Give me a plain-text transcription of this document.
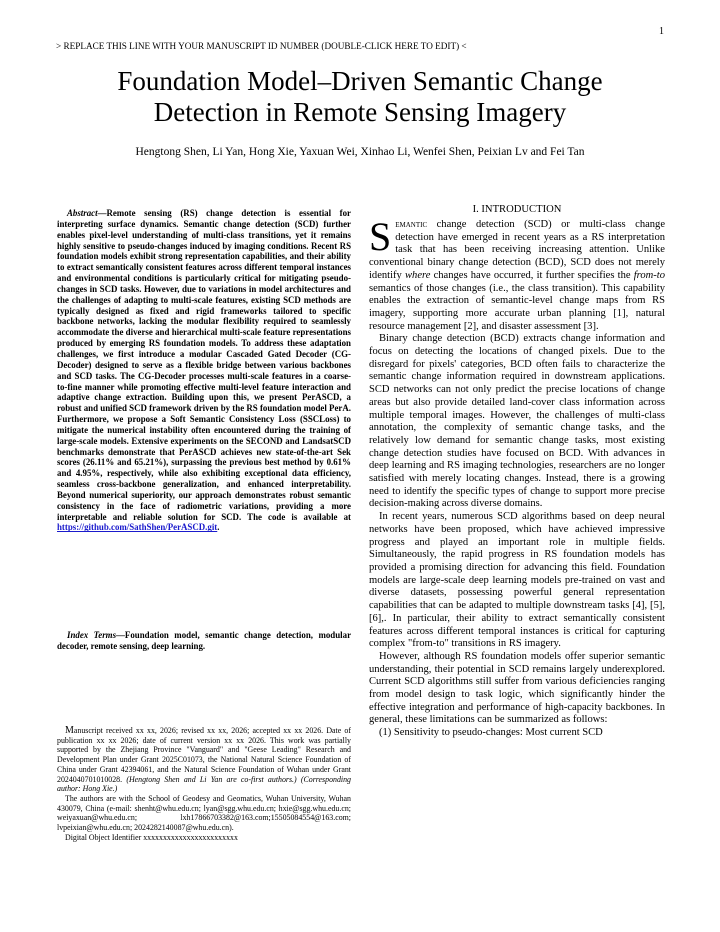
1
> REPLACE THIS LINE WITH YOUR MANUSCRIPT ID NUMBER (DOUBLE-CLICK HERE TO EDIT) <
Foundation Model–Driven Semantic Change
Detection in Remote Sensing Imagery
Hengtong Shen, Li Yan, Hong Xie, Yaxuan Wei, Xinhao Li, Wenfei Shen, Peixian Lv and Fei Tan

Abstract—Remote sensing (RS) change detection is essential for interpreting surface dynamics. Semantic change detection (SCD) further enables pixel-level understanding of multi-class transitions, yet it remains highly sensitive to pseudo-changes induced by imaging conditions. Recent RS foundation models exhibit strong representation capabilities, and their ability to extract semantically consistent features across different temporal instances and environmental conditions is particularly critical for mitigating pseudo-changes in SCD tasks. However, due to variations in model architectures and the challenges of adapting to multi-scale features, existing SCD methods are typically designed as fixed and rigid frameworks tailored to specific backbone networks, lacking the modular flexibility required to seamlessly accommodate the diverse and hierarchical multi-scale feature representations produced by emerging RS foundation models. To address these adaptation challenges, we first introduce a modular Cascaded Gated Decoder (CG-Decoder) designed to serve as a flexible bridge between various backbones and SCD tasks. The CG-Decoder processes multi-scale features in a coarse-to-fine manner while promoting effective multi-level feature interaction and adaptive change extraction. Building upon this, we present PerASCD, a robust and unified SCD framework driven by the RS foundation model PerA. Furthermore, we propose a Soft Semantic Consistency Loss (SSCLoss) to mitigate the numerical instability often encountered during the training of large-scale models. Extensive experiments on the SECOND and LandsatSCD benchmarks demonstrate that PerASCD achieves new state-of-the-art Sek scores (26.11% and 65.21%), surpassing the previous best method by 0.61% and 4.95%, respectively, while also exhibiting exceptional data efficiency, seamless cross-backbone generalization, and enhanced interpretability. Beyond numerical superiority, our approach demonstrates robust semantic consistency in the face of radiometric variations, providing a more interpretable and reliable solution for SCD. The code is available at https://github.com/SathShen/PerASCD.git.

Index Terms—Foundation model, semantic change detection, modular decoder, remote sensing, deep learning.

Manuscript received xx xx, 2026; revised xx xx, 2026; accepted xx xx 2026. Date of publication xx xx 2026; date of current version xx xx 2026. This work was partially supported by the Zhejiang Province "Vanguard" and "Geese Leading" Research and Development Plan under Grant 2025C01073, the National Natural Science Foundation of China under Grant 42394061, and the Natural Science Foundation of Wuhan under Grant 2024040701010028. (Hengtong Shen and Li Yan are co-first authors.) (Corresponding author: Hong Xie.)

The authors are with the School of Geodesy and Geomatics, Wuhan University, Wuhan 430079, China (e-mail: shenht@whu.edu.cn; lyan@sgg.whu.edu.cn; hxie@sgg.whu.edu.cn; weiyaxuan@whu.edu.cn; lxh17866703382@163.com;15505084554@163.com; lvpeixian@whu.edu.cn; 2024282140087@whu.edu.cn).

Digital Object Identifier xxxxxxxxxxxxxxxxxxxxxxxx

I. INTRODUCTION

Semantic change detection (SCD) or multi-class change detection have emerged in recent years as a RS interpretation task that has been receiving increasing attention. Unlike conventional binary change detection (BCD), SCD does not merely identify where changes have occurred, it further specifies the from-to semantics of those changes (i.e., the class transition). This capability enables the extraction of semantic-level change maps from RS imagery, supporting more accurate urban planning [1], natural resource management [2], and disaster assessment [3].

Binary change detection (BCD) extracts change information and focus on detecting the locations of changed pixels. Due to the disregard for pixels' categories, BCD often fails to characterize the semantic change information required in downstream applications. SCD networks can not only predict the precise locations of change areas but also provide detailed land-cover class information across multiple temporal images. However, the challenges of multi-class annotation, the complexity of semantic change tasks, and the relatively low demand for semantic change tasks, most existing change detection studies have focused on BCD. With advances in deep learning and RS imaging technologies, researchers are no longer satisfied with merely locating changes. Instead, there is a growing need to identify the specific types of change to support more precise decision-making across diverse domains.

In recent years, numerous SCD algorithms based on deep neural networks have been proposed, which have achieved impressive progress and played an important role in multiple fields. Simultaneously, the rapid progress in RS foundation models has provided a promising direction for advancing this field. Foundation models are large-scale deep learning models pre-trained on vast and diverse datasets, possessing powerful general representation capabilities that can be adapted to multiple downstream tasks [4], [5], [6],. In particular, their ability to extract semantically consistent features across different temporal instances is critical for capturing complex "from-to" transitions in RS imagery.

However, although RS foundation models offer superior semantic understanding, their potential in SCD remains largely underexplored. Current SCD algorithms still suffer from various deficiencies ranging from model design to task logic, which significantly hinder the effective integration and performance of high-capacity backbones. In general, these limitations can be summarized as follows:

(1) Sensitivity to pseudo-changes: Most current SCD
